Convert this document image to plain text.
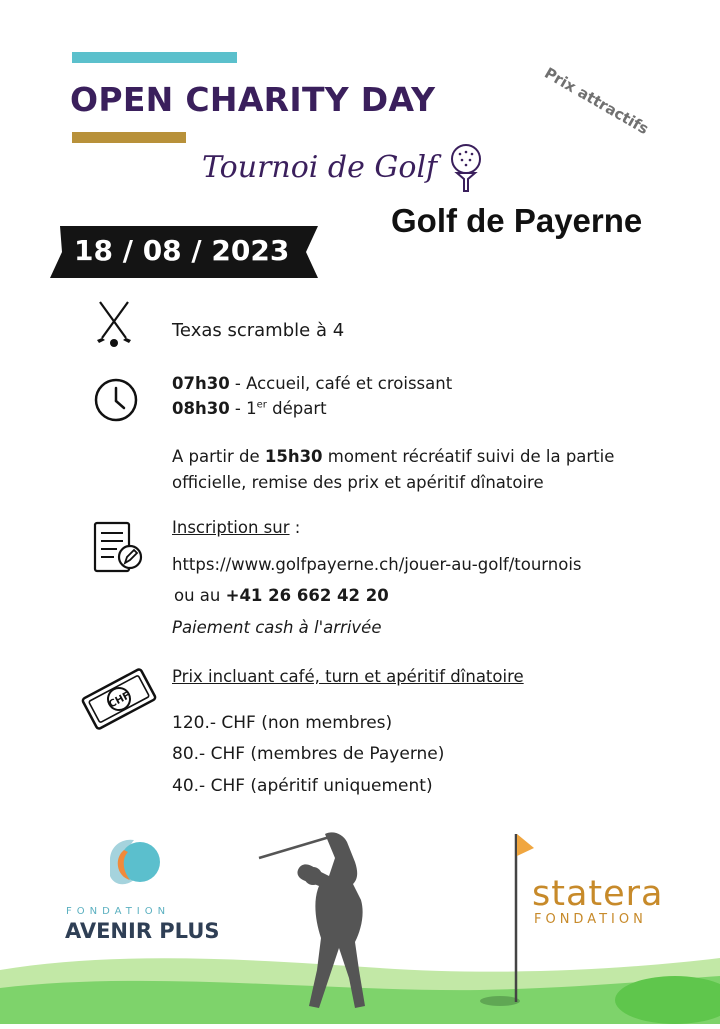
OPEN CHARITY DAY	Prix attractifs
Tournoi de Golf
Golf de Payerne
18 / 08 / 2023
Texas scramble à 4
07h30 - Accueil, café et croissant
08h30 - 1er départ
A partir de 15h30 moment récréatif suivi de la partie
officielle, remise des prix et apéritif dînatoire
Inscription sur :
https://www.golfpayerne.ch/jouer-au-golf/tournois
ou au +41 26 662 42 20
Paiement cash à l'arrivée
CHF
Prix incluant café, turn et apéritif dînatoire
120.- CHF (non membres)
80.- CHF (membres de Payerne)
40.- CHF (apéritif uniquement)
FONDATION
AVENIR PLUS
statera
FONDATION
